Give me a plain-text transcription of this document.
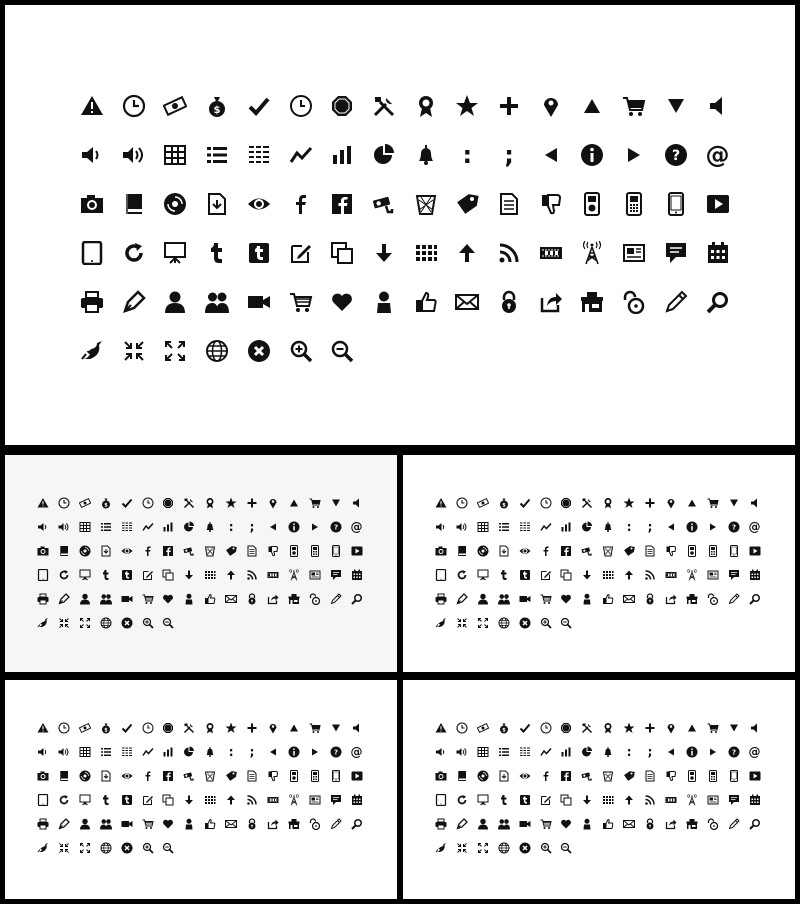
$
:	;	? @
$
: ;	? @
$
: ;	? @
$
: ;	? @
$
: ;	? @
